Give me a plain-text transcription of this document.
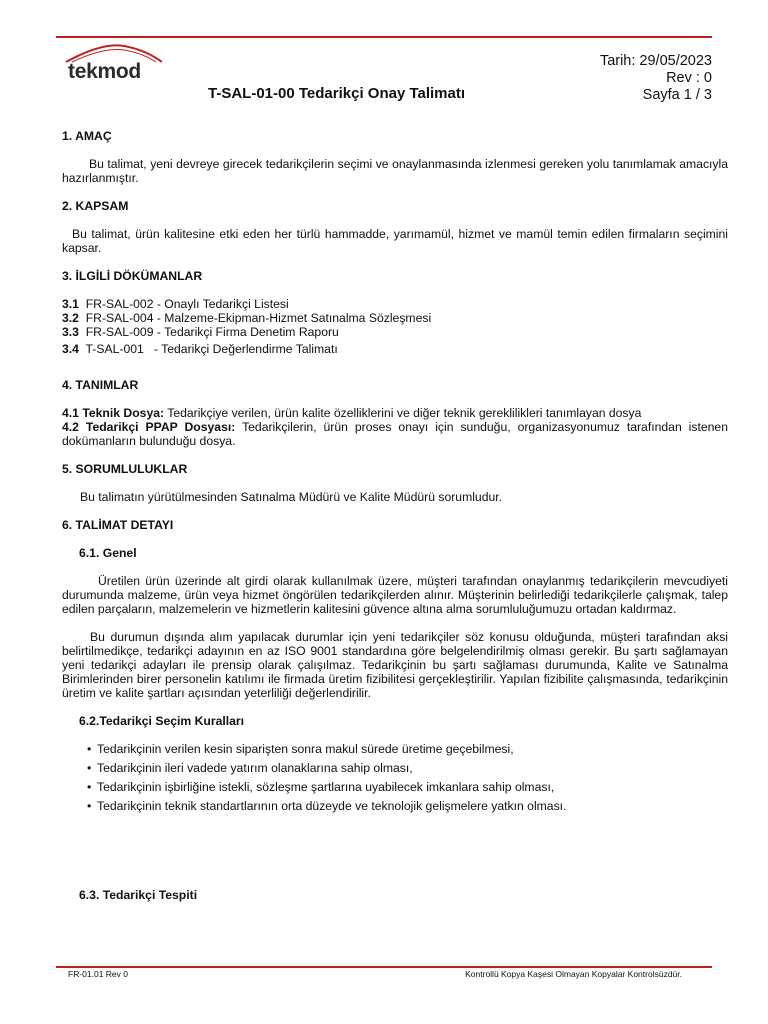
tekmod
T-SAL-01-00 Tedarikçi Onay Talimatı
Tarih: 29/05/2023
Rev : 0
Sayfa 1 / 3
1. AMAÇ

Bu talimat, yeni devreye girecek tedarikçilerin seçimi ve onaylanmasında izlenmesi gereken yolu tanımlamak amacıyla hazırlanmıştır.

2. KAPSAM

Bu talimat, ürün kalitesine etki eden her türlü hammadde, yarımamül, hizmet ve mamül temin edilen firmaların seçimini kapsar.

3. İLGİLİ DÖKÜMANLAR
3.1 FR-SAL-002 - Onaylı Tedarikçi Listesi
3.2 FR-SAL-004 - Malzeme-Ekipman-Hizmet Satınalma Sözleşmesi
3.3 FR-SAL-009 - Tedarikçi Firma Denetim Raporu
3.4 T-SAL-001   - Tedarikçi Değerlendirme Talimatı
4. TANIMLAR

4.1 Teknik Dosya: Tedarikçiye verilen, ürün kalite özelliklerini ve diğer teknik gereklilikleri tanımlayan dosya

4.2 Tedarikçi PPAP Dosyası: Tedarikçilerin, ürün proses onayı için sunduğu, organizasyonumuz tarafından istenen dokümanların bulunduğu dosya.

5. SORUMLULUKLAR

Bu talimatın yürütülmesinden Satınalma Müdürü ve Kalite Müdürü sorumludur.

6. TALİMAT DETAYI
6.1. Genel

Üretilen ürün üzerinde alt girdi olarak kullanılmak üzere, müşteri tarafından onaylanmış tedarikçilerin mevcudiyeti durumunda malzeme, ürün veya hizmet öngörülen tedarikçilerden alınır. Müşterinin belirlediği tedarikçilerle çalışmak, talep edilen parçaların, malzemelerin ve hizmetlerin kalitesini güvence altına alma sorumluluğumuzu ortadan kaldırmaz.

Bu durumun dışında alım yapılacak durumlar için yeni tedarikçiler söz konusu olduğunda, müşteri tarafından aksi belirtilmedikçe, tedarikçi adayının en az ISO 9001 standardına göre belgelendirilmiş olması gerekir. Bu şartı sağlamayan yeni tedarikçi adayları ile prensip olarak çalışılmaz. Tedarikçinin bu şartı sağlaması durumunda, Kalite ve Satınalma Birimlerinden birer personelin katılımı ile firmada üretim fizibilitesi gerçekleştirilir. Yapılan fizibilite çalışmasında, tedarikçinin üretim ve kalite şartları açısından yeterliliği değerlendirilir.

6.2.Tedarikçi Seçim Kuralları
• Tedarikçinin verilen kesin siparişten sonra makul sürede üretime geçebilmesi,
• Tedarikçinin ileri vadede yatırım olanaklarına sahip olması,
• Tedarikçinin işbirliğine istekli, sözleşme şartlarına uyabilecek imkanlara sahip olması,
• Tedarikçinin teknik standartlarının orta düzeyde ve teknolojik gelişmelere yatkın olması.
6.3. Tedarikçi Tespiti
FR-01.01 Rev 0	Kontrollü Kopya Kaşesi Olmayan Kopyalar Kontrolsüzdür.
